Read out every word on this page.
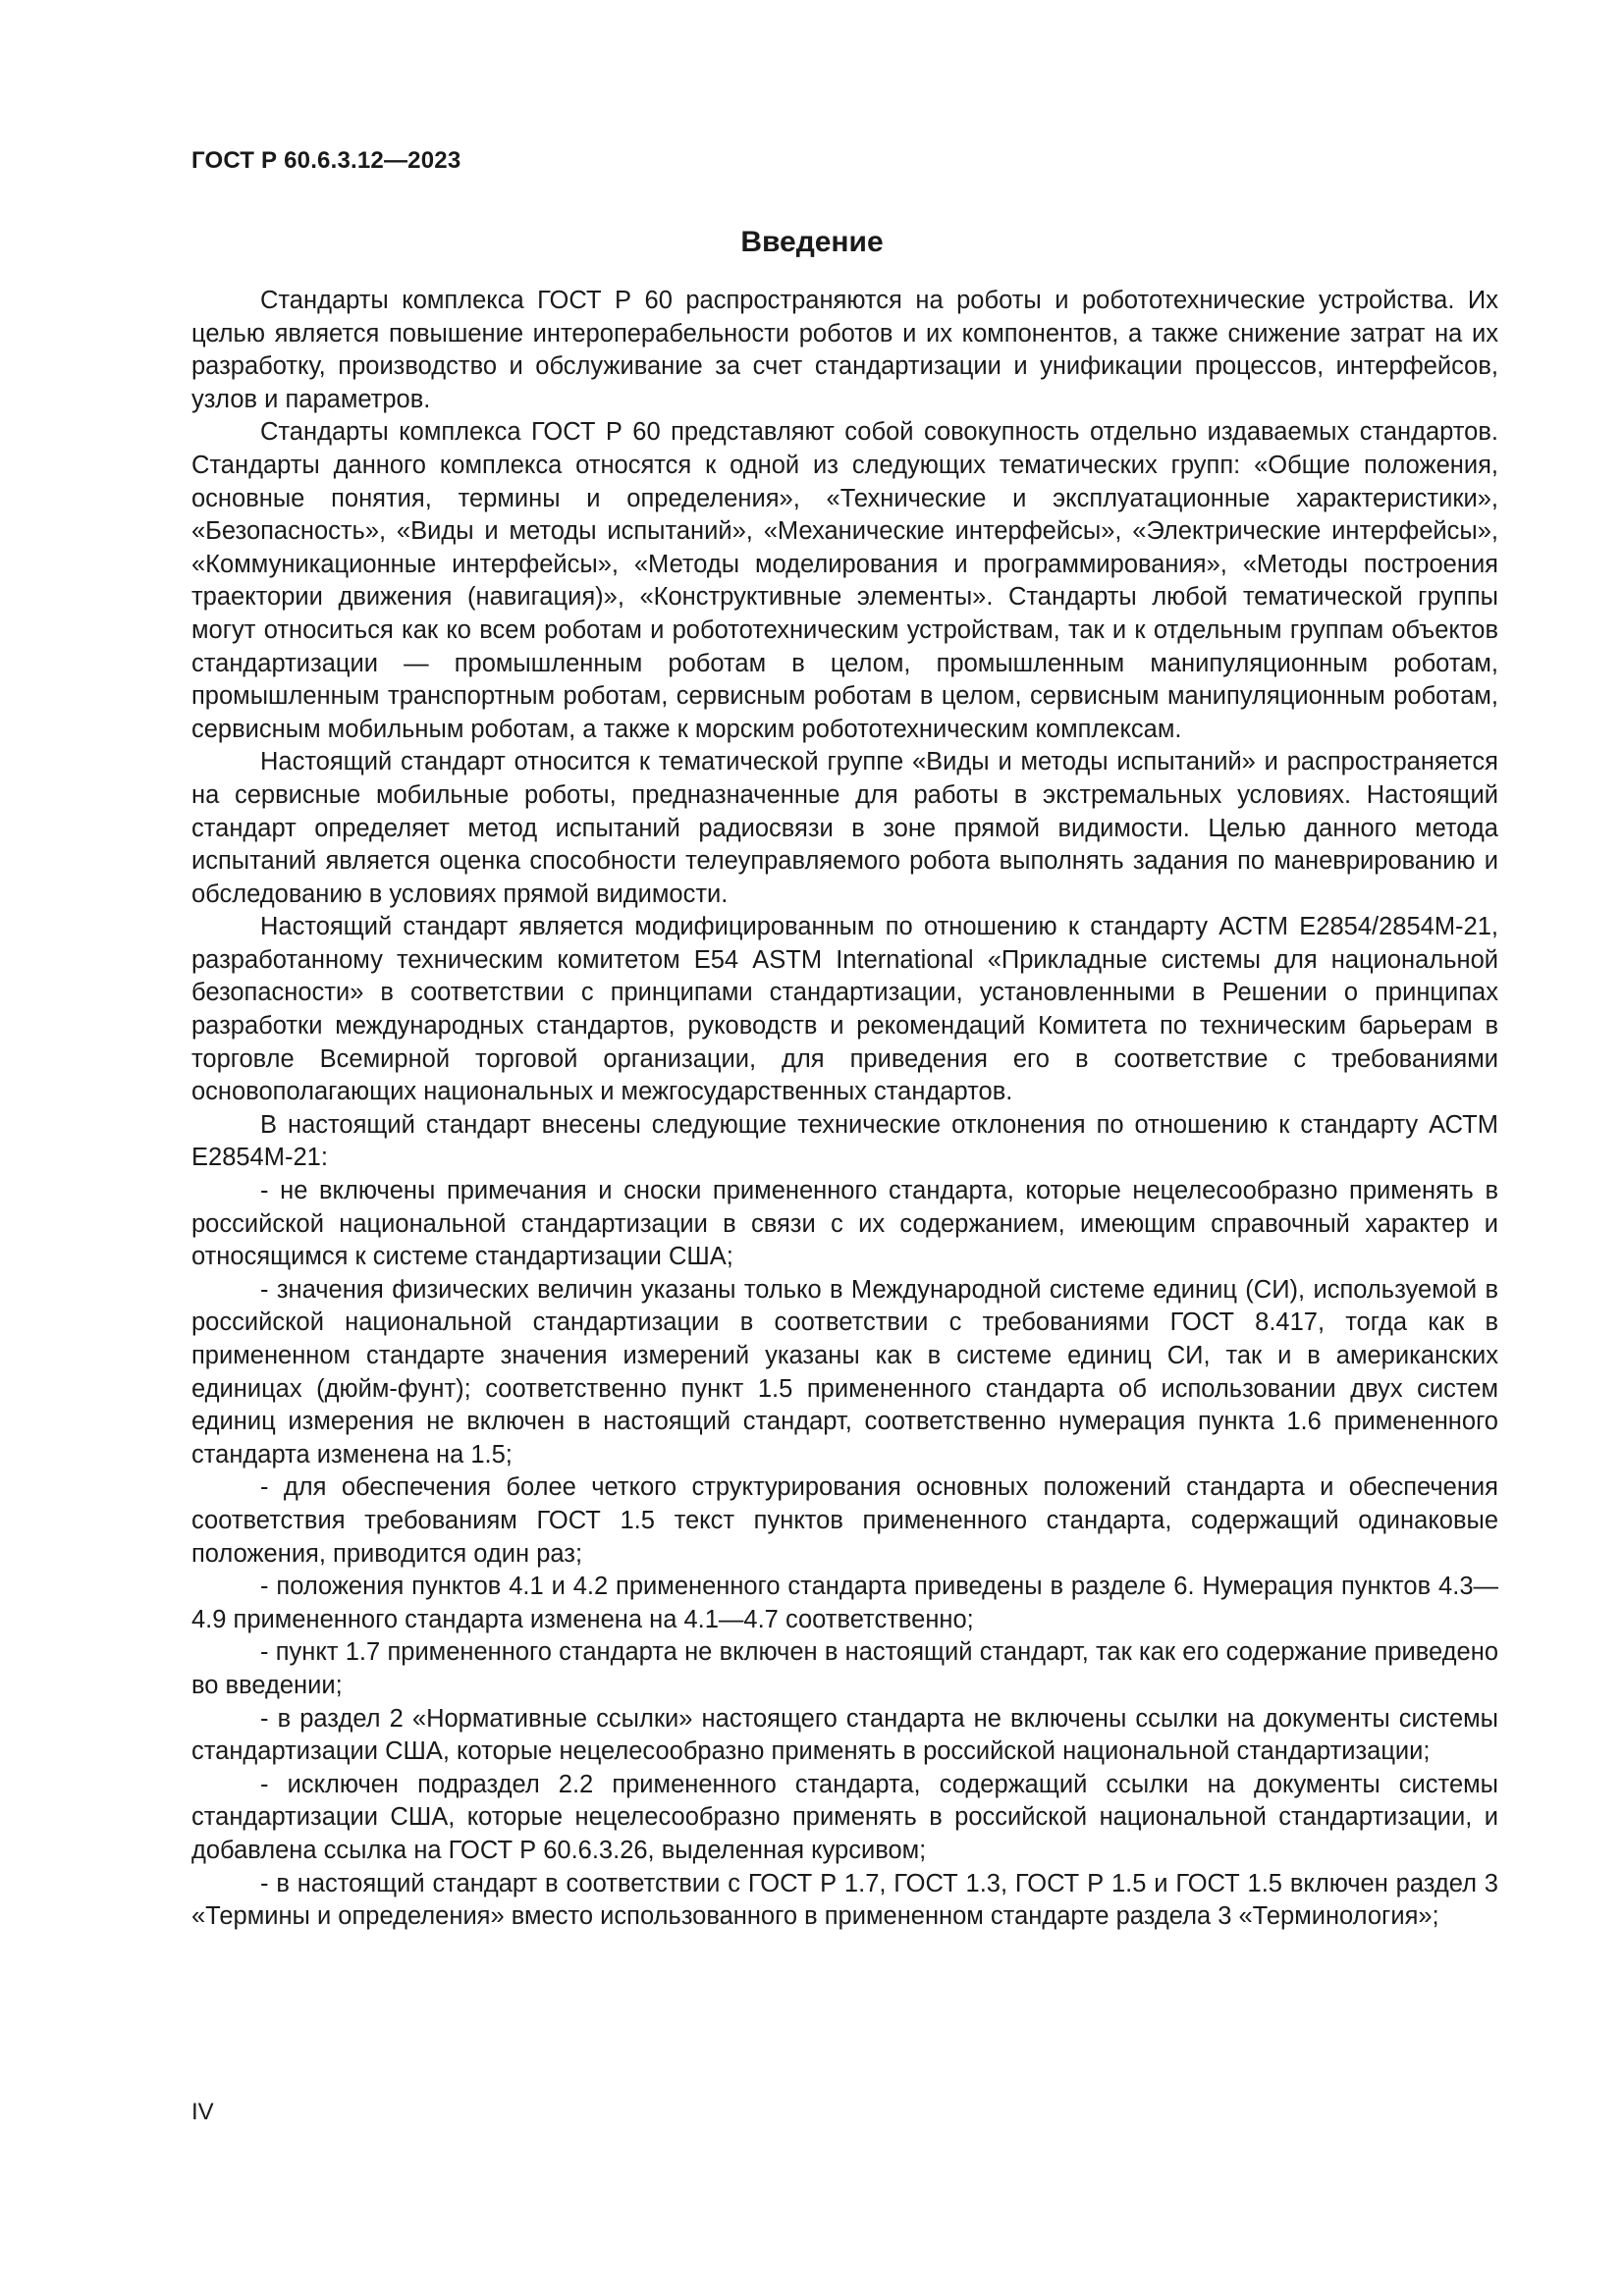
ГОСТ Р 60.6.3.12—2023
Введение

Стандарты комплекса ГОСТ Р 60 распространяются на роботы и робототехнические устройства. Их целью является повышение интероперабельности роботов и их компонентов, а также снижение затрат на их разработку, производство и обслуживание за счет стандартизации и унификации процессов, интерфейсов, узлов и параметров.

Стандарты комплекса ГОСТ Р 60 представляют собой совокупность отдельно издаваемых стандартов. Стандарты данного комплекса относятся к одной из следующих тематических групп: «Общие положения, основные понятия, термины и определения», «Технические и эксплуатационные характеристики», «Безопасность», «Виды и методы испытаний», «Механические интерфейсы», «Электрические интерфейсы», «Коммуникационные интерфейсы», «Методы моделирования и программирования», «Методы построения траектории движения (навигация)», «Конструктивные элементы». Стандарты любой тематической группы могут относиться как ко всем роботам и робототехническим устройствам, так и к отдельным группам объектов стандартизации — промышленным роботам в целом, промышленным манипуляционным роботам, промышленным транспортным роботам, сервисным роботам в целом, сервисным манипуляционным роботам, сервисным мобильным роботам, а также к морским робототехническим комплексам.

Настоящий стандарт относится к тематической группе «Виды и методы испытаний» и распространяется на сервисные мобильные роботы, предназначенные для работы в экстремальных условиях. Настоящий стандарт определяет метод испытаний радиосвязи в зоне прямой видимости. Целью данного метода испытаний является оценка способности телеуправляемого робота выполнять задания по маневрированию и обследованию в условиях прямой видимости.

Настоящий стандарт является модифицированным по отношению к стандарту АСТМ Е2854/2854М-21, разработанному техническим комитетом Е54 ASTM International «Прикладные системы для национальной безопасности» в соответствии с принципами стандартизации, установленными в Решении о принципах разработки международных стандартов, руководств и рекомендаций Комитета по техническим барьерам в торговле Всемирной торговой организации, для приведения его в соответствие с требованиями основополагающих национальных и межгосударственных стандартов.

В настоящий стандарт внесены следующие технические отклонения по отношению к стандарту АСТМ Е2854М-21:

- не включены примечания и сноски примененного стандарта, которые нецелесообразно применять в российской национальной стандартизации в связи с их содержанием, имеющим справочный характер и относящимся к системе стандартизации США;

- значения физических величин указаны только в Международной системе единиц (СИ), используемой в российской национальной стандартизации в соответствии с требованиями ГОСТ 8.417, тогда как в примененном стандарте значения измерений указаны как в системе единиц СИ, так и в американских единицах (дюйм-фунт); соответственно пункт 1.5 примененного стандарта об использовании двух систем единиц измерения не включен в настоящий стандарт, соответственно нумерация пункта 1.6 примененного стандарта изменена на 1.5;

- для обеспечения более четкого структурирования основных положений стандарта и обеспечения соответствия требованиям ГОСТ 1.5 текст пунктов примененного стандарта, содержащий одинаковые положения, приводится один раз;

- положения пунктов 4.1 и 4.2 примененного стандарта приведены в разделе 6. Нумерация пунктов 4.3—4.9 примененного стандарта изменена на 4.1—4.7 соответственно;

- пункт 1.7 примененного стандарта не включен в настоящий стандарт, так как его содержание приведено во введении;

- в раздел 2 «Нормативные ссылки» настоящего стандарта не включены ссылки на документы системы стандартизации США, которые нецелесообразно применять в российской национальной стандартизации;

- исключен подраздел 2.2 примененного стандарта, содержащий ссылки на документы системы стандартизации США, которые нецелесообразно применять в российской национальной стандартизации, и добавлена ссылка на ГОСТ Р 60.6.3.26, выделенная курсивом;

- в настоящий стандарт в соответствии с ГОСТ Р 1.7, ГОСТ 1.3, ГОСТ Р 1.5 и ГОСТ 1.5 включен раздел 3 «Термины и определения» вместо использованного в примененном стандарте раздела 3 «Терминология»;

IV
